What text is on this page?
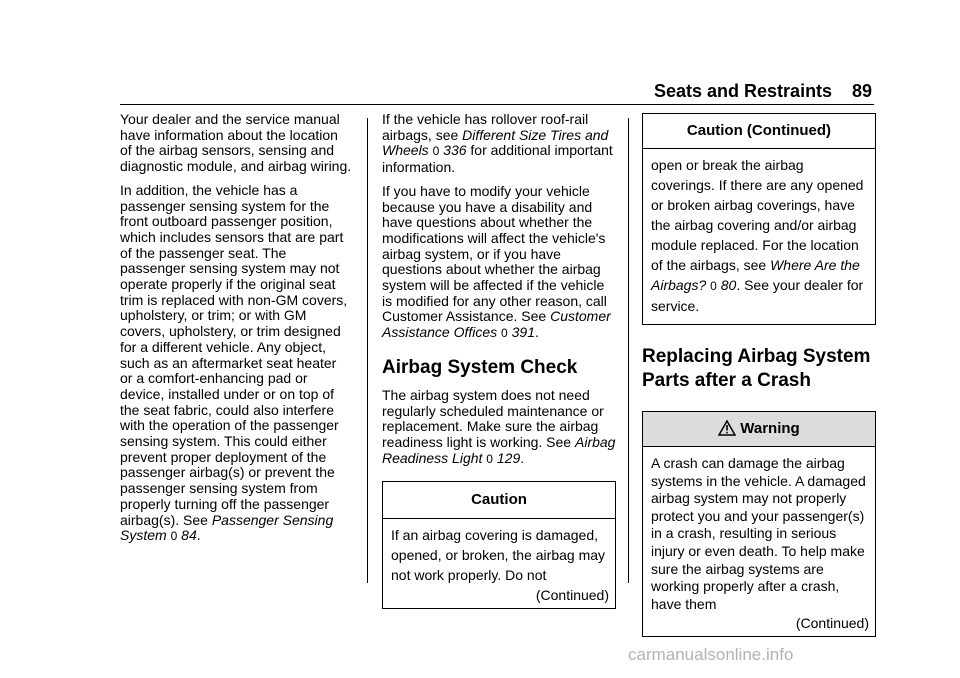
Seats and Restraints 89

Your dealer and the service manual have information about the location of the airbag sensors, sensing and diagnostic module, and airbag wiring.

In addition, the vehicle has a passenger sensing system for the front outboard passenger position, which includes sensors that are part of the passenger seat. The passenger sensing system may not operate properly if the original seat trim is replaced with non-GM covers, upholstery, or trim; or with GM covers, upholstery, or trim designed for a different vehicle. Any object, such as an aftermarket seat heater or a comfort-enhancing pad or device, installed under or on top of the seat fabric, could also interfere with the operation of the passenger sensing system. This could either prevent proper deployment of the passenger airbag(s) or prevent the passenger sensing system from properly turning off the passenger airbag(s). See Passenger Sensing System 0 84.

If the vehicle has rollover roof-rail airbags, see Different Size Tires and Wheels 0 336 for additional important information.

If you have to modify your vehicle because you have a disability and have questions about whether the modifications will affect the vehicle's airbag system, or if you have questions about whether the airbag system will be affected if the vehicle is modified for any other reason, call Customer Assistance. See Customer Assistance Offices 0 391.

Airbag System Check

The airbag system does not need regularly scheduled maintenance or replacement. Make sure the airbag readiness light is working. See Airbag Readiness Light 0 129.

Caution
If an airbag covering is damaged, opened, or broken, the airbag may not work properly. Do not
(Continued)
Caution (Continued)
open or break the airbag coverings. If there are any opened or broken airbag coverings, have the airbag covering and/or airbag module replaced. For the location of the airbags, see Where Are the Airbags? 0 80. See your dealer for service.
Replacing Airbag System Parts after a Crash
Warning
A crash can damage the airbag systems in the vehicle. A damaged airbag system may not properly protect you and your passenger(s) in a crash, resulting in serious injury or even death. To help make sure the airbag systems are working properly after a crash, have them
(Continued)
carmanualsonline.info
